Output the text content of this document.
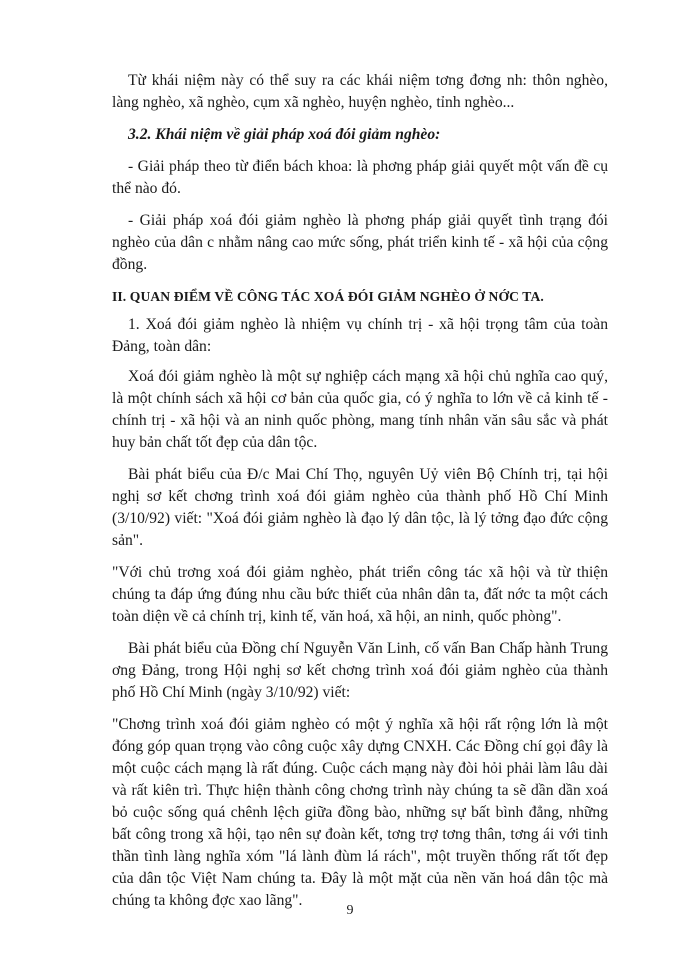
Từ khái niệm này có thể suy ra các khái niệm tơng đơng nh: thôn nghèo, làng nghèo, xã nghèo, cụm xã nghèo, huyện nghèo, tỉnh nghèo...

3.2. Khái niệm về giải pháp xoá đói giảm nghèo:

- Giải pháp theo từ điển bách khoa: là phơng pháp giải quyết một vấn đề cụ thể nào đó.

- Giải pháp xoá đói giảm nghèo là phơng pháp giải quyết tình trạng đói nghèo của dân c nhằm nâng cao mức sống, phát triển kinh tế - xã hội của cộng đồng.

II. QUAN ĐIỂM VỀ CÔNG TÁC XOÁ ĐÓI GIẢM NGHÈO Ở NỚC TA.

1. Xoá đói giảm nghèo là nhiệm vụ chính trị - xã hội trọng tâm của toàn Đảng, toàn dân:

Xoá đói giảm nghèo là một sự nghiệp cách mạng xã hội chủ nghĩa cao quý, là một chính sách xã hội cơ bản của quốc gia, có ý nghĩa to lớn về cả kinh tế - chính trị - xã hội và an ninh quốc phòng, mang tính nhân văn sâu sắc và phát huy bản chất tốt đẹp của dân tộc.

Bài phát biểu của Đ/c Mai Chí Thọ, nguyên Uỷ viên Bộ Chính trị, tại hội nghị sơ kết chơng trình xoá đói giảm nghèo của thành phố Hồ Chí Minh (3/10/92) viết: "Xoá đói giảm nghèo là đạo lý dân tộc, là lý tởng đạo đức cộng sản".

"Với chủ trơng xoá đói giảm nghèo, phát triển công tác xã hội và từ thiện chúng ta đáp ứng đúng nhu cầu bức thiết của nhân dân ta, đất nớc ta một cách toàn diện về cả chính trị, kinh tế, văn hoá, xã hội, an ninh, quốc phòng".

Bài phát biểu của Đồng chí Nguyễn Văn Linh, cố vấn Ban Chấp hành Trung ơng Đảng, trong Hội nghị sơ kết chơng trình xoá đói giảm nghèo của thành phố Hồ Chí Minh (ngày 3/10/92) viết:

"Chơng trình xoá đói giảm nghèo có một ý nghĩa xã hội rất rộng lớn là một đóng góp quan trọng vào công cuộc xây dựng CNXH. Các Đồng chí gọi đây là một cuộc cách mạng là rất đúng. Cuộc cách mạng này đòi hỏi phải làm lâu dài và rất kiên trì. Thực hiện thành công chơng trình này chúng ta sẽ dần dần xoá bỏ cuộc sống quá chênh lệch giữa đồng bào, những sự bất bình đẳng, những bất công trong xã hội, tạo nên sự đoàn kết, tơng trợ tơng thân, tơng ái với tinh thần tình làng nghĩa xóm "lá lành đùm lá rách", một truyền thống rất tốt đẹp của dân tộc Việt Nam chúng ta. Đây là một mặt của nền văn hoá dân tộc mà chúng ta không đợc xao lãng".

9
